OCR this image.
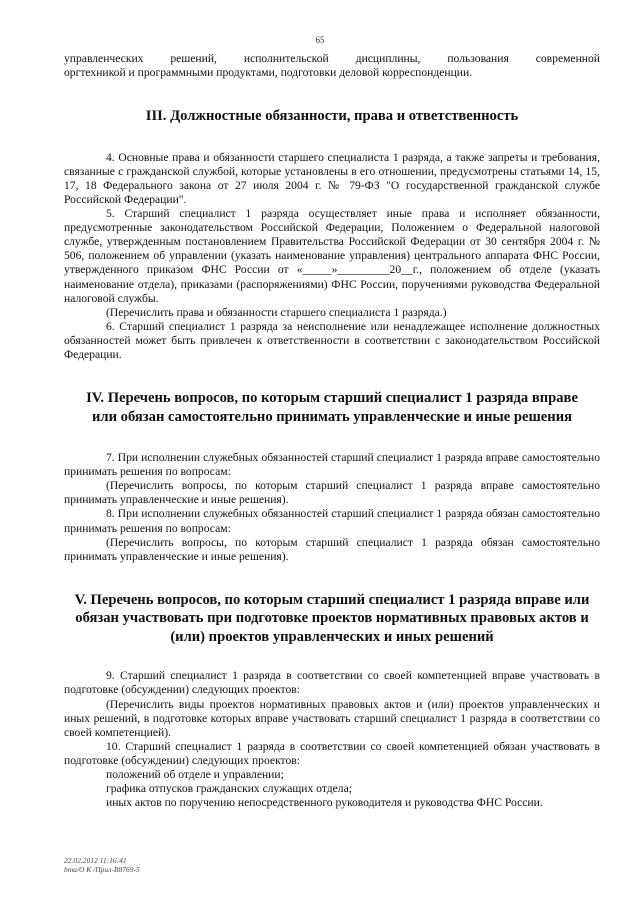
65

управленческих решений, исполнительской дисциплины, пользования современной

оргтехникой и программными продуктами, подготовки деловой корреспонденции.

III. Должностные обязанности, права и ответственность

4. Основные права и обязанности старшего специалиста 1 разряда, а также запреты и требования, связанные с гражданской службой, которые установлены в его отношении, предусмотрены статьями 14, 15, 17, 18 Федерального закона от 27 июля 2004 г. № 79-ФЗ "О государственной гражданской службе Российской Федерации".

5. Старший специалист 1 разряда осуществляет иные права и исполняет обязанности, предусмотренные законодательством Российской Федерации, Положением о Федеральной налоговой службе, утвержденным постановлением Правительства Российской Федерации от 30 сентября 2004 г. № 506, положением об управлении (указать наименование управления) центрального аппарата ФНС России, утвержденного приказом ФНС России от «_____»_________20__г., положением об отделе (указать наименование отдела), приказами (распоряжениями) ФНС России, поручениями руководства Федеральной налоговой службы.

(Перечислить права и обязанности старшего специалиста 1 разряда.)

6. Старший специалист 1 разряда за неисполнение или ненадлежащее исполнение должностных обязанностей может быть привлечен к ответственности в соответствии с законодательством Российской Федерации.

IV. Перечень вопросов, по которым старший специалист 1 разряда вправе или обязан самостоятельно принимать управленческие и иные решения

7. При исполнении служебных обязанностей старший специалист 1 разряда вправе самостоятельно принимать решения по вопросам:

(Перечислить вопросы, по которым старший специалист 1 разряда вправе самостоятельно принимать управленческие и иные решения).

8. При исполнении служебных обязанностей старший специалист 1 разряда обязан самостоятельно принимать решения по вопросам:

(Перечислить вопросы, по которым старший специалист 1 разряда обязан самостоятельно принимать управленческие и иные решения).

V. Перечень вопросов, по которым старший специалист 1 разряда вправе или обязан участвовать при подготовке проектов нормативных правовых актов и (или) проектов управленческих и иных решений

9. Старший специалист 1 разряда в соответствии со своей компетенцией вправе участвовать в подготовке (обсуждении) следующих проектов:

(Перечислить виды проектов нормативных правовых актов и (или) проектов управленческих и иных решений, в подготовке которых вправе участвовать старший специалист 1 разряда в соответствии со своей компетенцией).

10. Старший специалист 1 разряда в соответствии со своей компетенцией обязан участвовать в подготовке (обсуждении) следующих проектов:

положений об отделе и управлении;

графика отпусков гражданских служащих отдела;

иных актов по поручению непосредственного руководителя и руководства ФНС России.

22.02.2012 11:16:41
bma/O K /Прил-B8769-5
